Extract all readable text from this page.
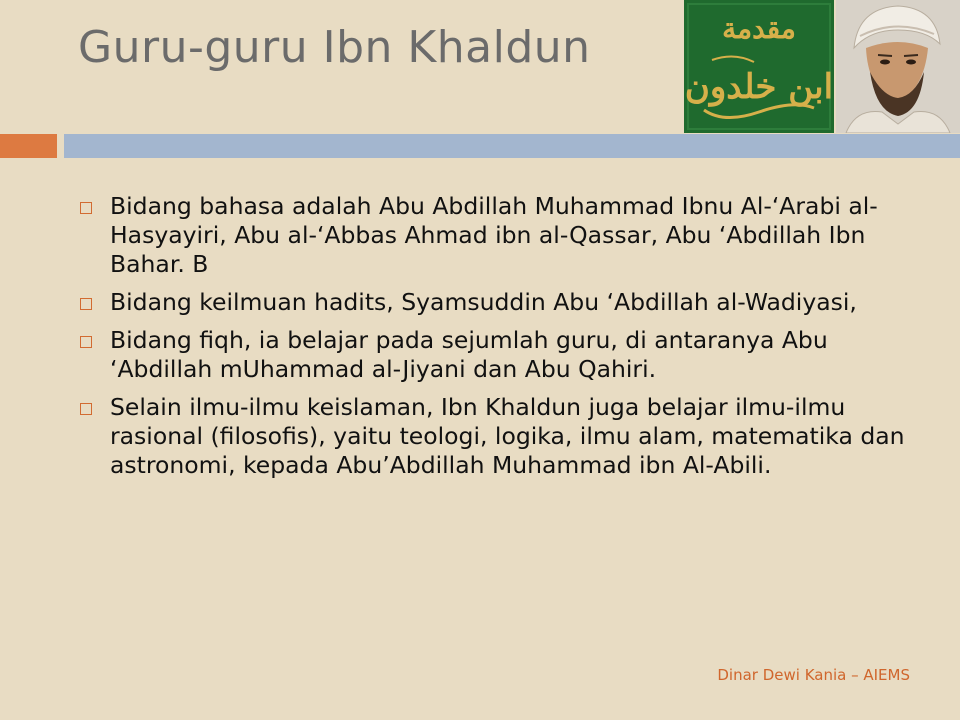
Guru-guru Ibn Khaldun	مقدمة
ابن خلدون
Bidang bahasa adalah Abu Abdillah Muhammad Ibnu Al-‘Arabi al-Hasyayiri, Abu al-‘Abbas Ahmad ibn al-Qassar, Abu ‘Abdillah Ibn Bahar. B
Bidang keilmuan hadits, Syamsuddin Abu ‘Abdillah al-Wadiyasi,
Bidang fiqh, ia belajar pada sejumlah guru, di antaranya Abu ‘Abdillah mUhammad al-Jiyani dan Abu Qahiri.
Selain ilmu-ilmu keislaman, Ibn Khaldun juga belajar ilmu-ilmu rasional (filosofis), yaitu teologi, logika, ilmu alam, matematika dan astronomi, kepada Abu’Abdillah Muhammad ibn Al-Abili.
Dinar Dewi Kania – AIEMS
